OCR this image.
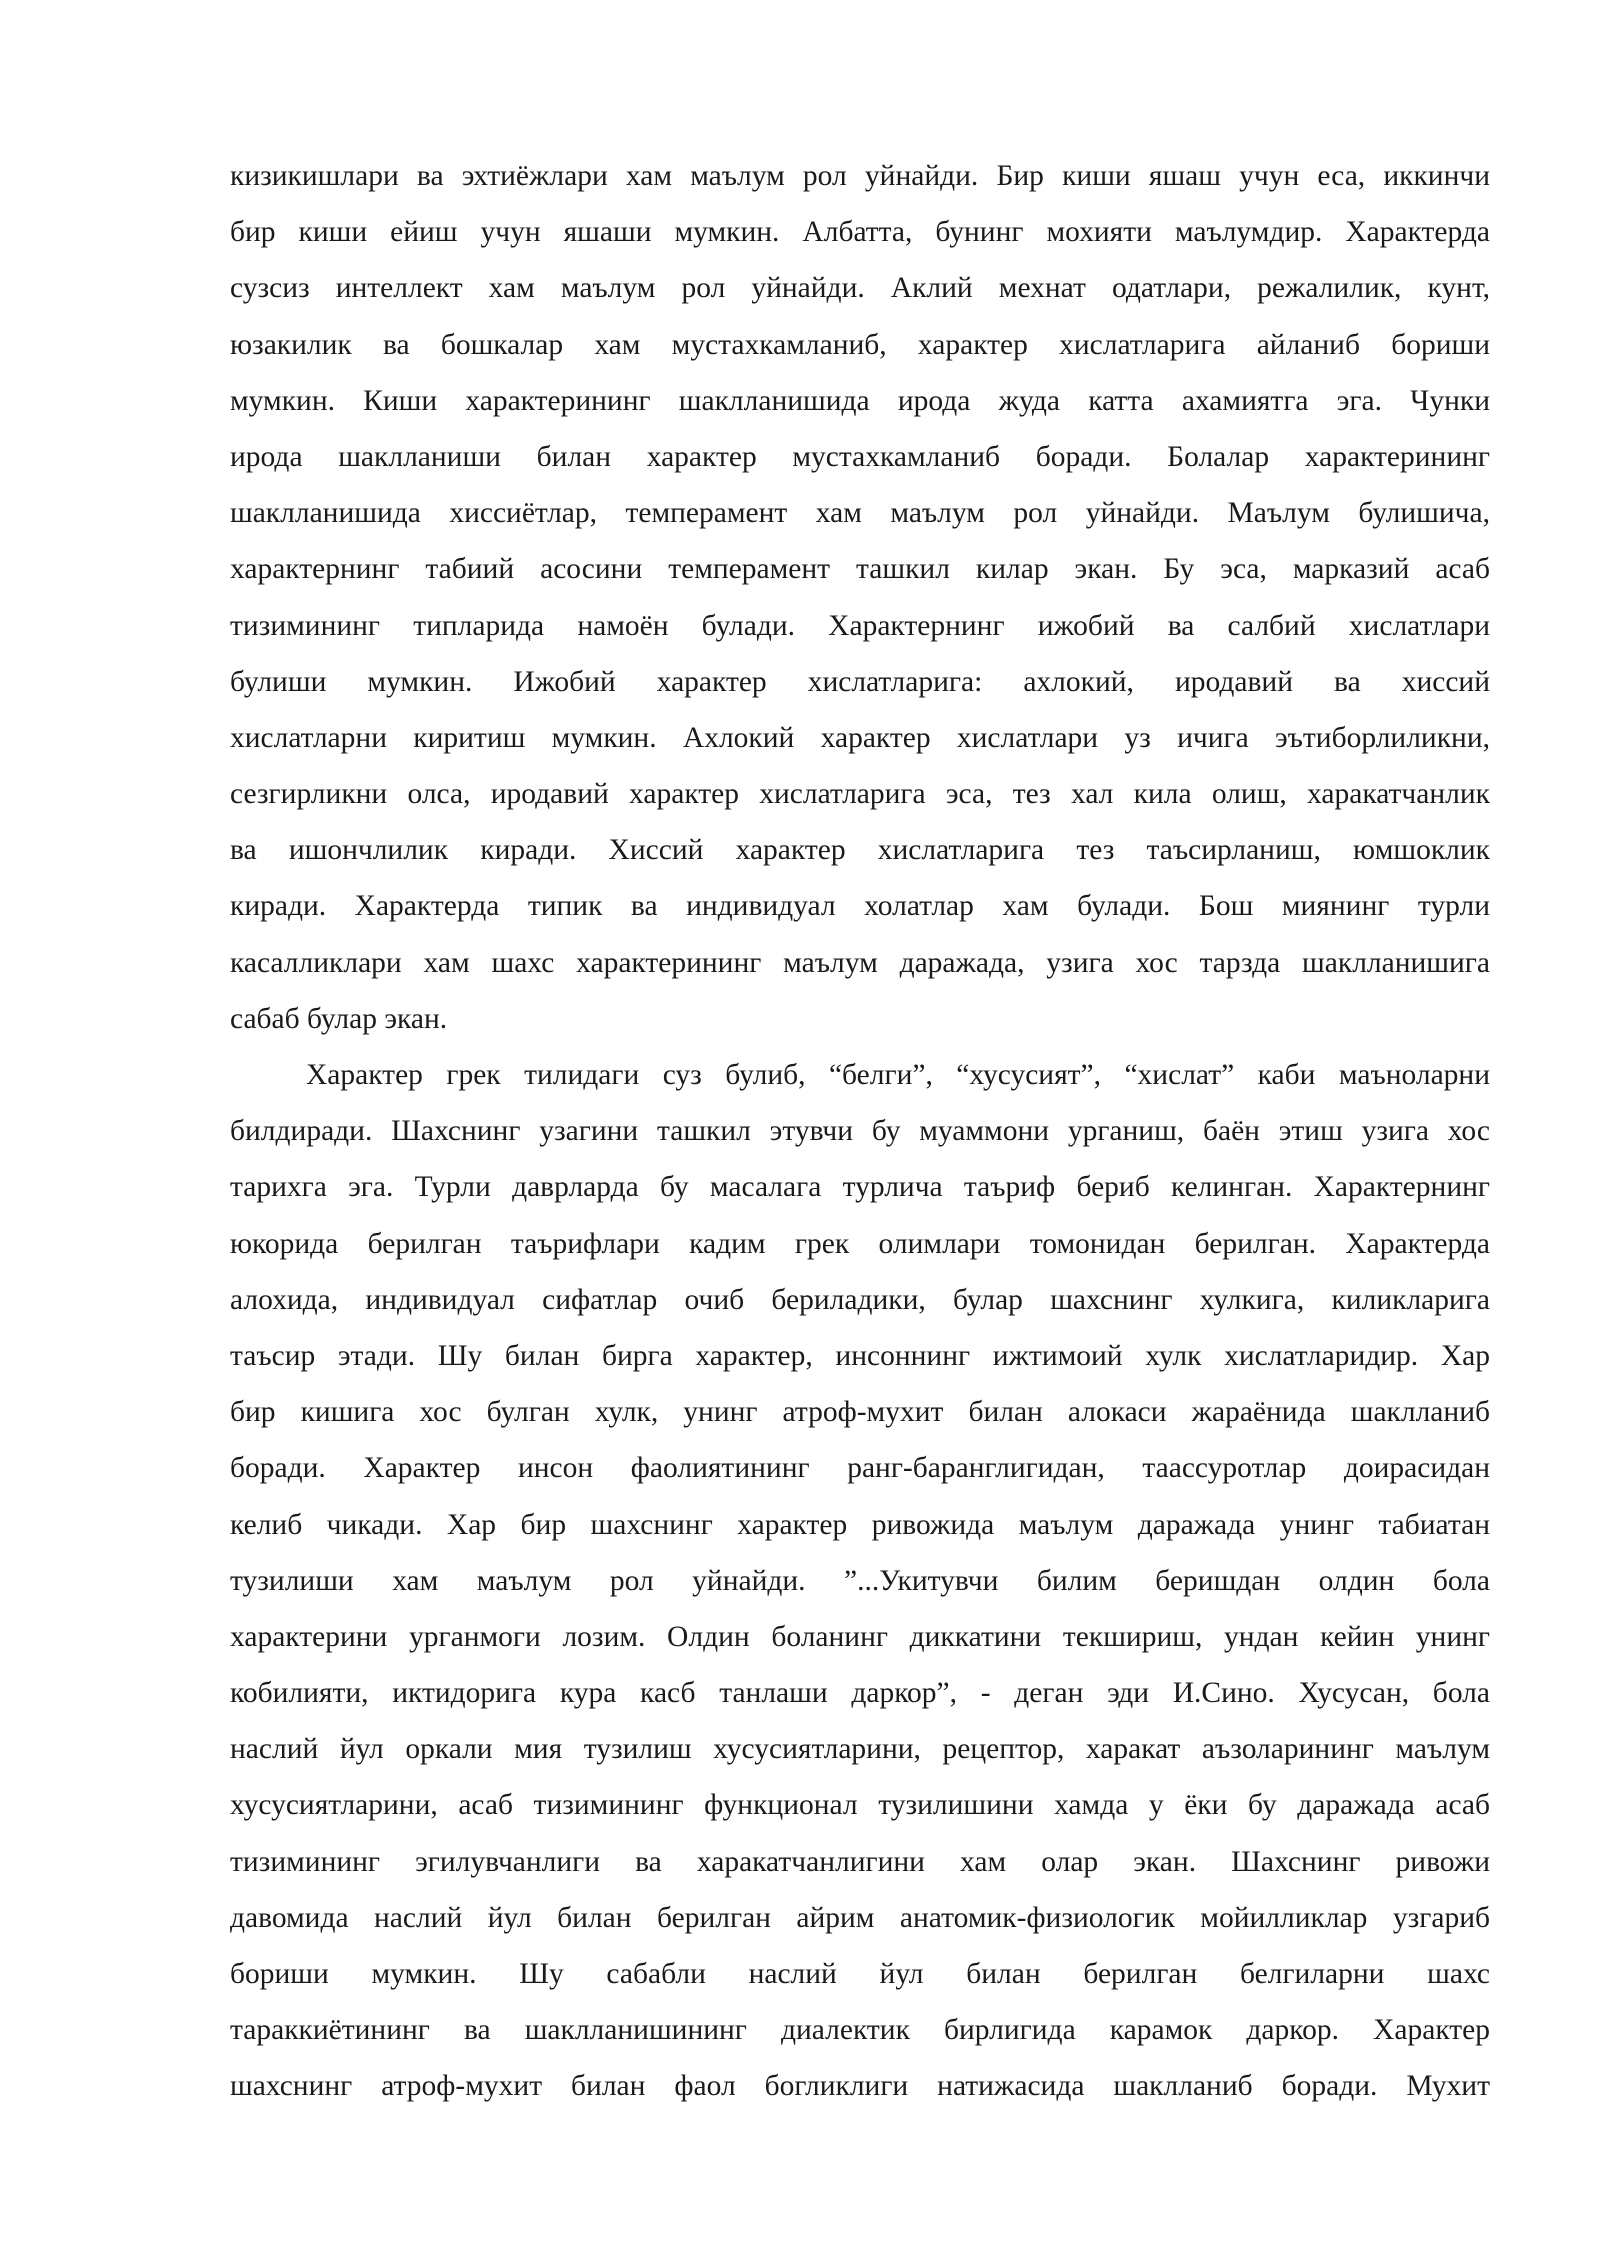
кизикишлари ва эхтиёжлари хам маълум рол уйнайди. Бир киши яшаш учун еса, иккинчи
бир киши ейиш учун яшаши мумкин. Албатта, бунинг мохияти маълумдир. Характерда
сузсиз интеллект хам маълум рол уйнайди. Аклий мехнат одатлари, режалилик, кунт,
юзакилик ва бошкалар хам мустахкамланиб, характер хислатларига айланиб бориши
мумкин. Киши характерининг шаклланишида ирода жуда катта ахамиятга эга. Чунки
ирода шаклланиши билан характер мустахкамланиб боради. Болалар характерининг
шаклланишида хиссиётлар, темперамент хам маълум рол уйнайди. Маълум булишича,
характернинг табиий асосини темперамент ташкил килар экан. Бу эса, марказий асаб
тизимининг типларида намоён булади. Характернинг ижобий ва салбий хислатлари
булиши мумкин. Ижобий характер хислатларига: ахлокий, иродавий ва хиссий
хислатларни киритиш мумкин. Ахлокий характер хислатлари уз ичига эътиборлиликни,
сезгирликни олса, иродавий характер хислатларига эса, тез хал кила олиш, харакатчанлик
ва ишончлилик киради. Хиссий характер хислатларига тез таъсирланиш, юмшоклик
киради. Характерда типик ва индивидуал холатлар хам булади. Бош миянинг турли
касалликлари хам шахс характерининг маълум даражада, узига хос тарзда шаклланишига
сабаб булар экан.
Характер грек тилидаги суз булиб, “белги”, “хусусият”, “хислат” каби маъноларни
билдиради. Шахснинг узагини ташкил этувчи бу муаммони урганиш, баён этиш узига хос
тарихга эга. Турли даврларда бу масалага турлича таъриф бериб келинган. Характернинг
юкорида берилган таърифлари кадим грек олимлари томонидан берилган. Характерда
алохида, индивидуал сифатлар очиб бериладики, булар шахснинг хулкига, киликларига
таъсир этади. Шу билан бирга характер, инсоннинг ижтимоий хулк хислатларидир. Хар
бир кишига хос булган хулк, унинг атроф-мухит билан алокаси жараёнида шаклланиб
боради. Характер инсон фаолиятининг ранг-баранглигидан, таассуротлар доирасидан
келиб чикади. Хар бир шахснинг характер ривожида маълум даражада унинг табиатан
тузилиши хам маълум рол уйнайди. ”...Укитувчи билим беришдан олдин бола
характерини урганмоги лозим. Олдин боланинг диккатини текшириш, ундан кейин унинг
кобилияти, иктидорига кура касб танлаши даркор”, - деган эди И.Сино. Хусусан, бола
наслий йул оркали мия тузилиш хусусиятларини, рецептор, харакат аъзоларининг маълум
хусусиятларини, асаб тизимининг функционал тузилишини хамда у ёки бу даражада асаб
тизимининг эгилувчанлиги ва харакатчанлигини хам олар экан. Шахснинг ривожи
давомида наслий йул билан берилган айрим анатомик-физиологик мойилликлар узгариб
бориши мумкин. Шу сабабли наслий йул билан берилган белгиларни шахс
тараккиётининг ва шаклланишининг диалектик бирлигида карамок даркор. Характер
шахснинг атроф-мухит билан фаол богликлиги натижасида шаклланиб боради. Мухит
